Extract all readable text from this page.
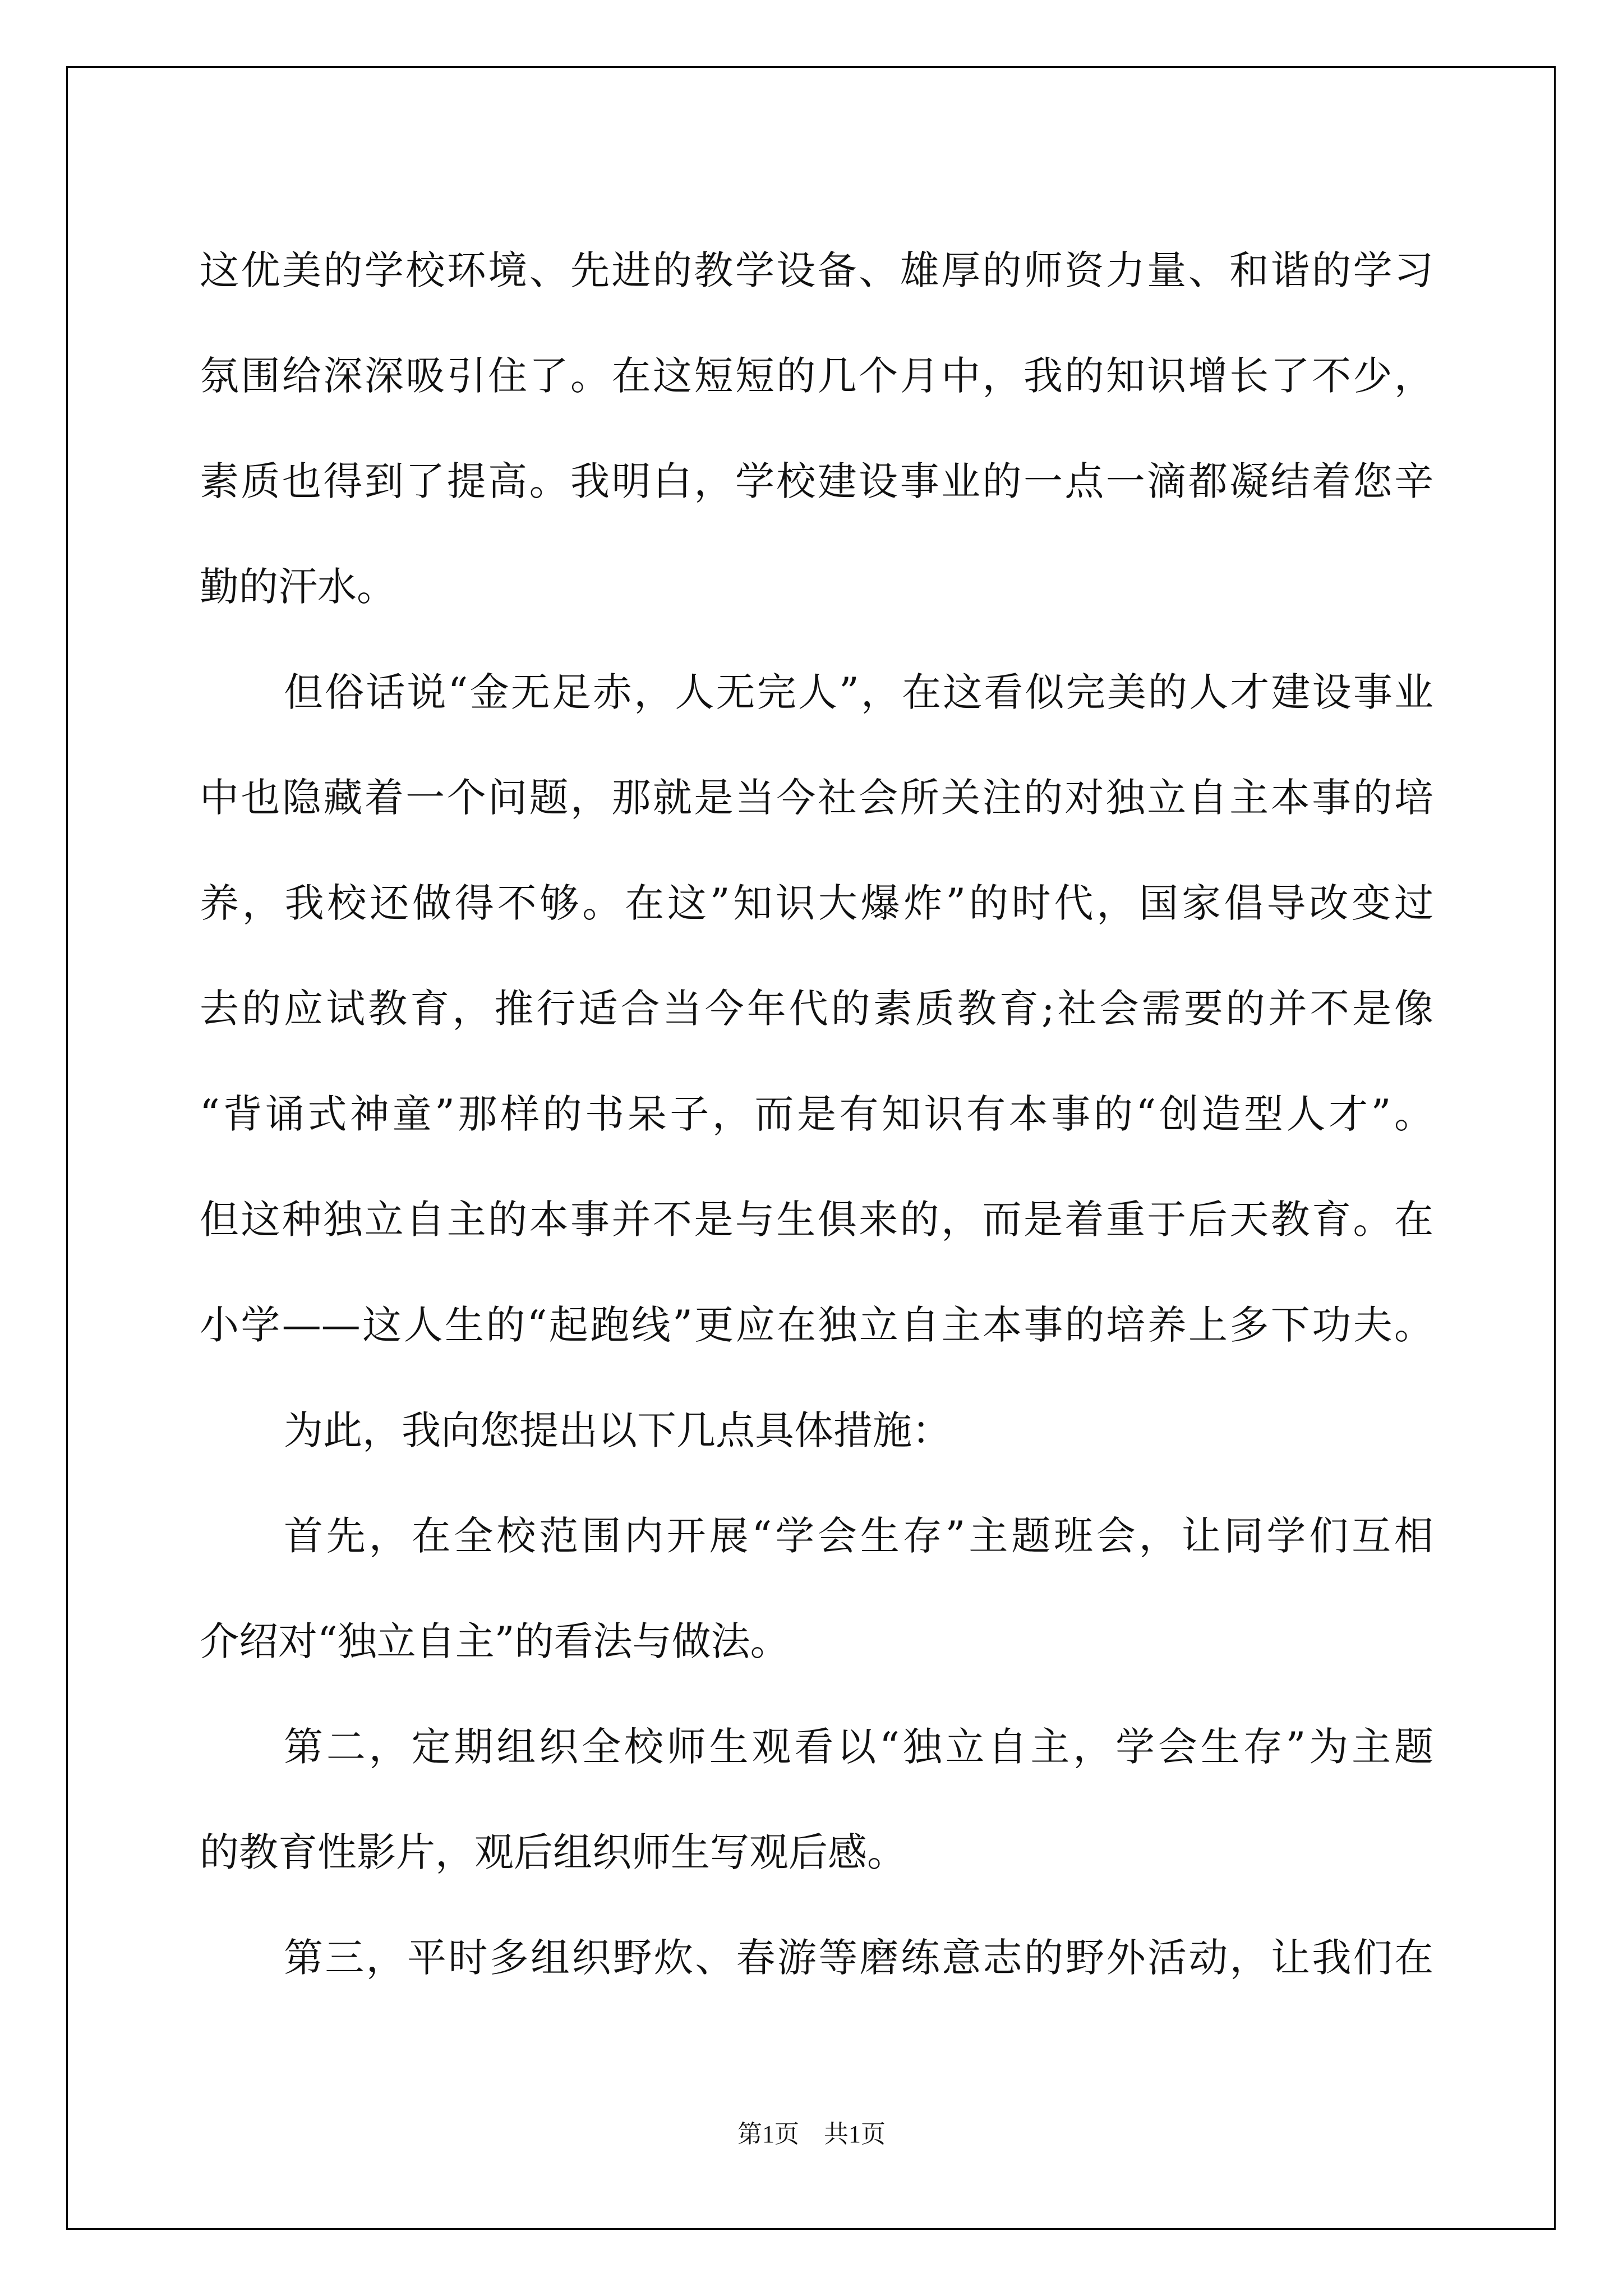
这优美的学校环境、先进的教学设备、雄厚的师资力量、和谐的学习

氛围给深深吸引住了。在这短短的几个月中，我的知识增长了不少，

素质也得到了提高。我明白，学校建设事业的一点一滴都凝结着您辛

勤的汗水。

但俗话说“金无足赤，人无完人”，在这看似完美的人才建设事业

中也隐藏着一个问题，那就是当今社会所关注的对独立自主本事的培

养，我校还做得不够。在这”知识大爆炸”的时代，国家倡导改变过

去的应试教育，推行适合当今年代的素质教育;社会需要的并不是像

“背诵式神童”那样的书呆子，而是有知识有本事的“创造型人才”。

但这种独立自主的本事并不是与生俱来的，而是着重于后天教育。在

小学——这人生的“起跑线”更应在独立自主本事的培养上多下功夫。

为此，我向您提出以下几点具体措施：

首先，在全校范围内开展“学会生存”主题班会，让同学们互相

介绍对“独立自主”的看法与做法。

第二，定期组织全校师生观看以“独立自主，学会生存”为主题

的教育性影片，观后组织师生写观后感。

第三，平时多组织野炊、春游等磨练意志的野外活动，让我们在

第1页 共1页
